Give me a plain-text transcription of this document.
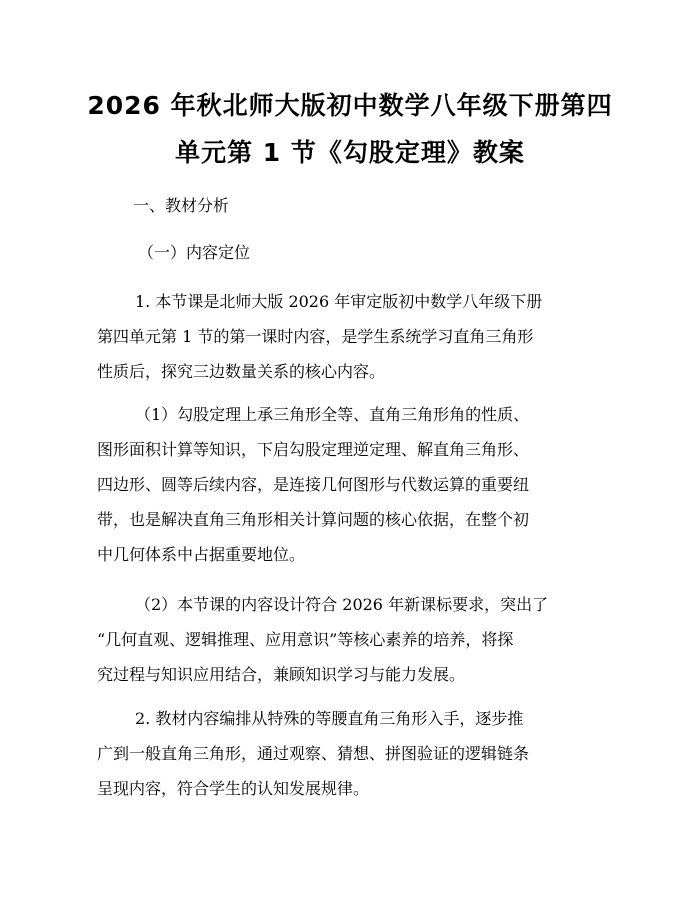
2026 年秋北师大版初中数学八年级下册第四
单元第 1 节《勾股定理》教案
一、教材分析
（一）内容定位
1. 本节课是北师大版 2026 年审定版初中数学八年级下册
第四单元第 1 节的第一课时内容，是学生系统学习直角三角形
性质后，探究三边数量关系的核心内容。
（1）勾股定理上承三角形全等、直角三角形角的性质、
图形面积计算等知识，下启勾股定理逆定理、解直角三角形、
四边形、圆等后续内容，是连接几何图形与代数运算的重要纽
带，也是解决直角三角形相关计算问题的核心依据，在整个初
中几何体系中占据重要地位。
（2）本节课的内容设计符合 2026 年新课标要求，突出了
“几何直观、逻辑推理、应用意识”等核心素养的培养，将探
究过程与知识应用结合，兼顾知识学习与能力发展。
2. 教材内容编排从特殊的等腰直角三角形入手，逐步推
广到一般直角三角形，通过观察、猜想、拼图验证的逻辑链条
呈现内容，符合学生的认知发展规律。
